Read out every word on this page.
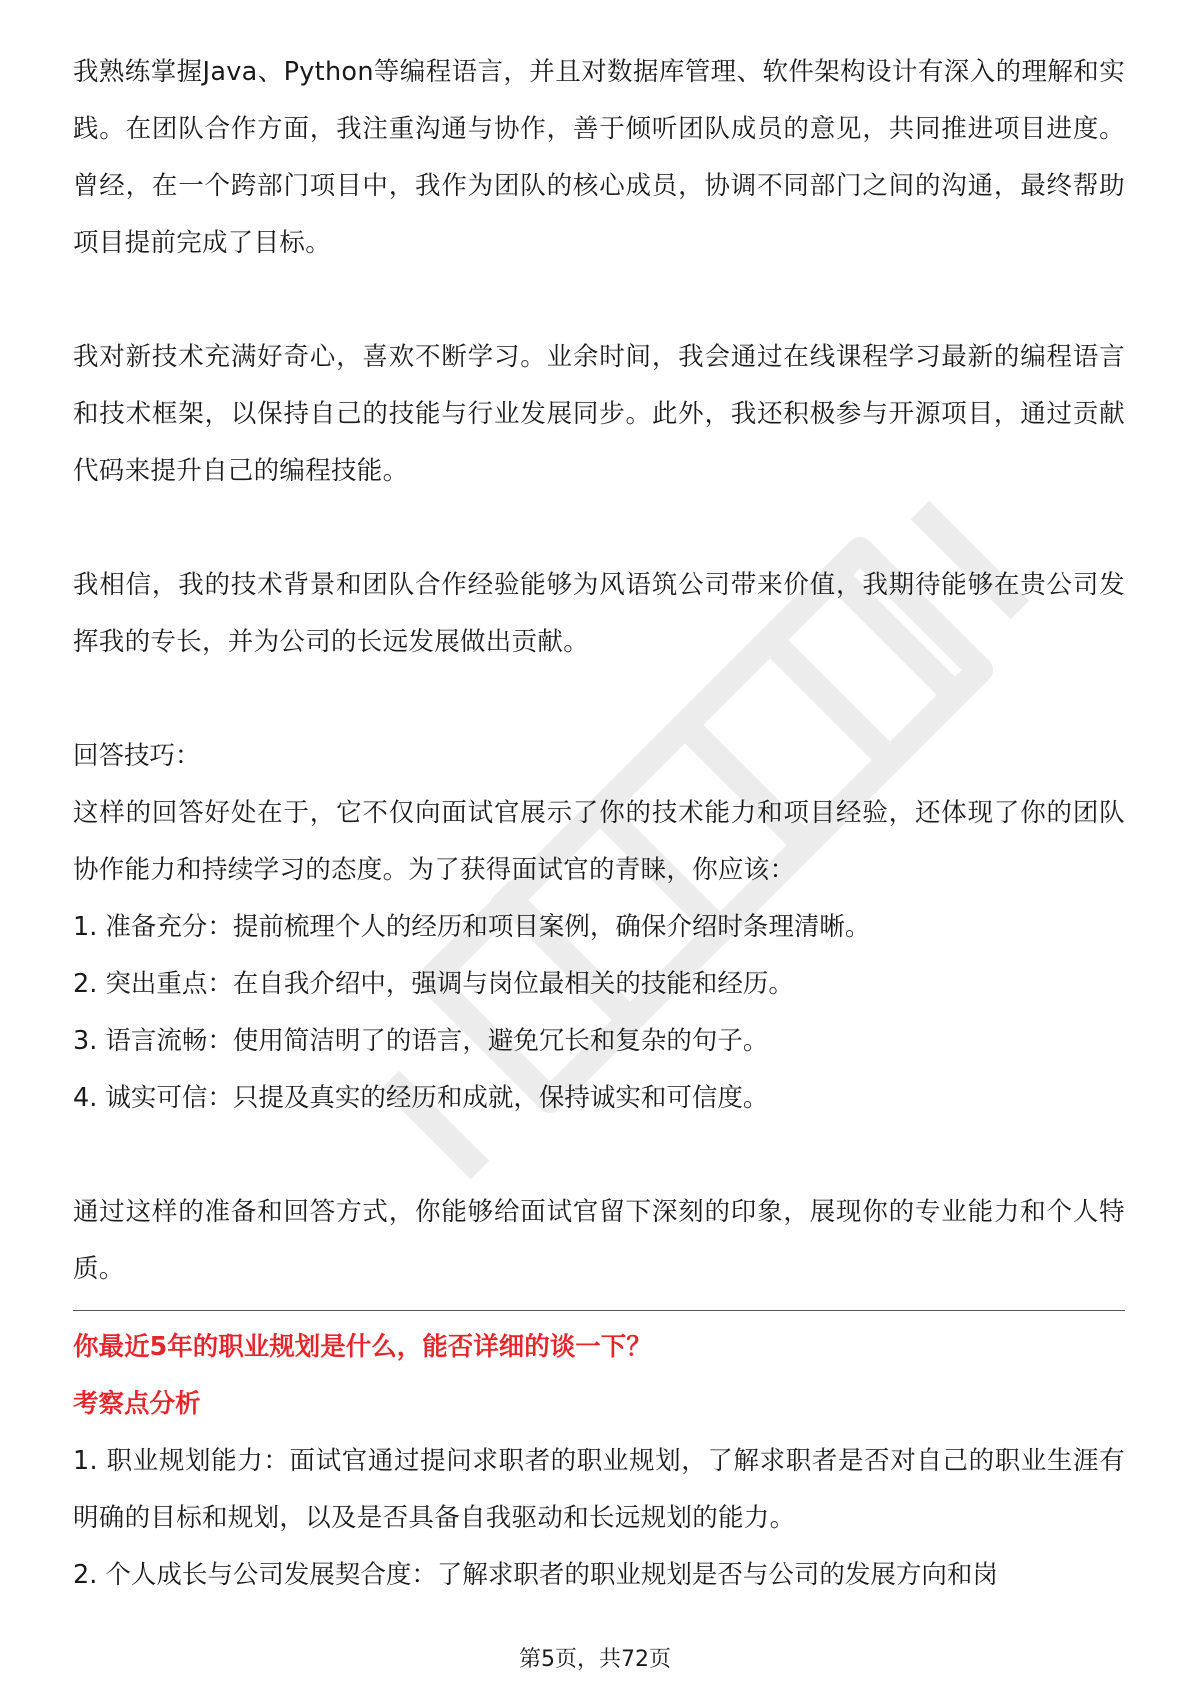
我熟练掌握Java、Python等编程语言，并且对数据库管理、软件架构设计有深入的理解和实践。在团队合作方面，我注重沟通与协作，善于倾听团队成员的意见，共同推进项目进度。曾经，在一个跨部门项目中，我作为团队的核心成员，协调不同部门之间的沟通，最终帮助项目提前完成了目标。

我对新技术充满好奇心，喜欢不断学习。业余时间，我会通过在线课程学习最新的编程语言和技术框架，以保持自己的技能与行业发展同步。此外，我还积极参与开源项目，通过贡献代码来提升自己的编程技能。

我相信，我的技术背景和团队合作经验能够为风语筑公司带来价值，我期待能够在贵公司发挥我的专长，并为公司的长远发展做出贡献。

回答技巧：

这样的回答好处在于，它不仅向面试官展示了你的技术能力和项目经验，还体现了你的团队协作能力和持续学习的态度。为了获得面试官的青睐，你应该：

1. 准备充分：提前梳理个人的经历和项目案例，确保介绍时条理清晰。

2. 突出重点：在自我介绍中，强调与岗位最相关的技能和经历。

3. 语言流畅：使用简洁明了的语言，避免冗长和复杂的句子。

4. 诚实可信：只提及真实的经历和成就，保持诚实和可信度。

通过这样的准备和回答方式，你能够给面试官留下深刻的印象，展现你的专业能力和个人特质。

你最近5年的职业规划是什么，能否详细的谈一下？

考察点分析

1. 职业规划能力：面试官通过提问求职者的职业规划，了解求职者是否对自己的职业生涯有明确的目标和规划，以及是否具备自我驱动和长远规划的能力。

2. 个人成长与公司发展契合度：了解求职者的职业规划是否与公司的发展方向和岗

第5页，共72页
